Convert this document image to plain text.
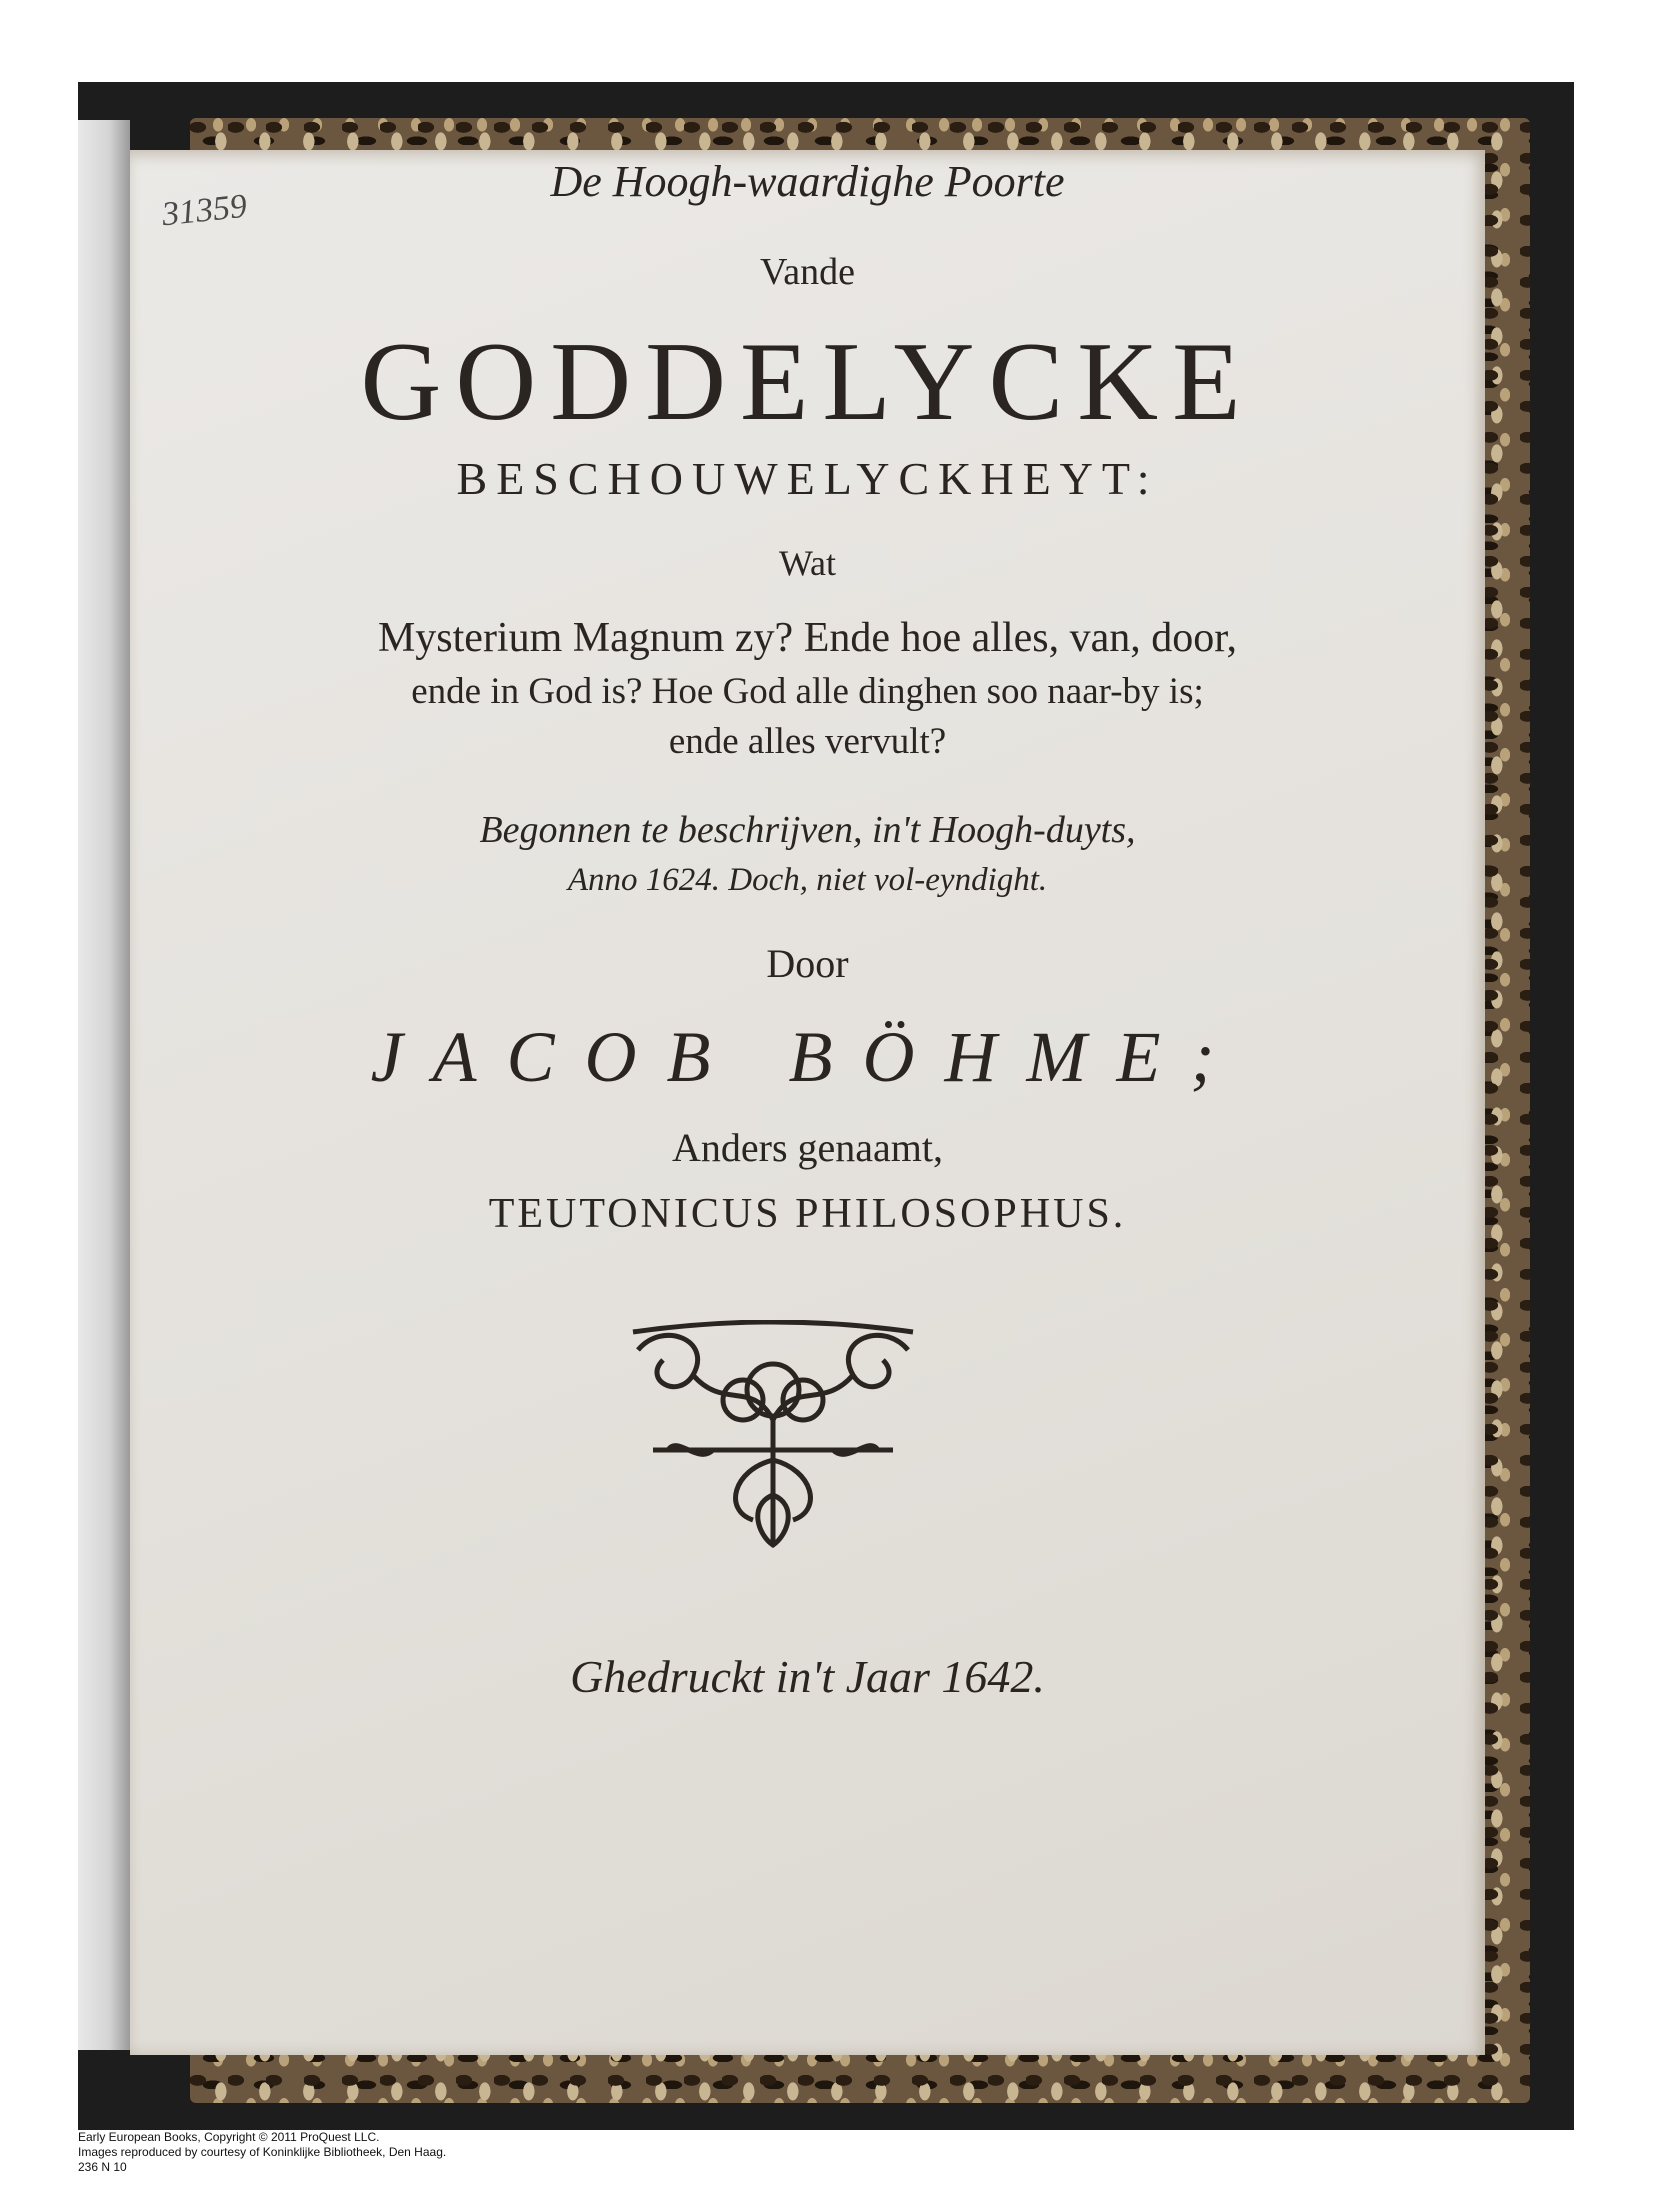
31359
De Hoogh-waardighe Poorte
Vande
GODDELYCKE
BESCHOUWELYCKHEYT:
Wat
Mysterium Magnum zy? Ende hoe alles, van, door,
ende in God is? Hoe God alle dinghen soo naar-by is;
ende alles vervult?
Begonnen te beschrijven, in't Hoogh-duyts,
Anno 1624. Doch, niet vol-eyndight.
Door
JACOB BÖHME;
Anders genaamt,
TEUTONICUS PHILOSOPHUS.
Ghedruckt in't Jaar 1642.
Early European Books, Copyright © 2011 ProQuest LLC.
Images reproduced by courtesy of Koninklijke Bibliotheek, Den Haag.
236 N 10
